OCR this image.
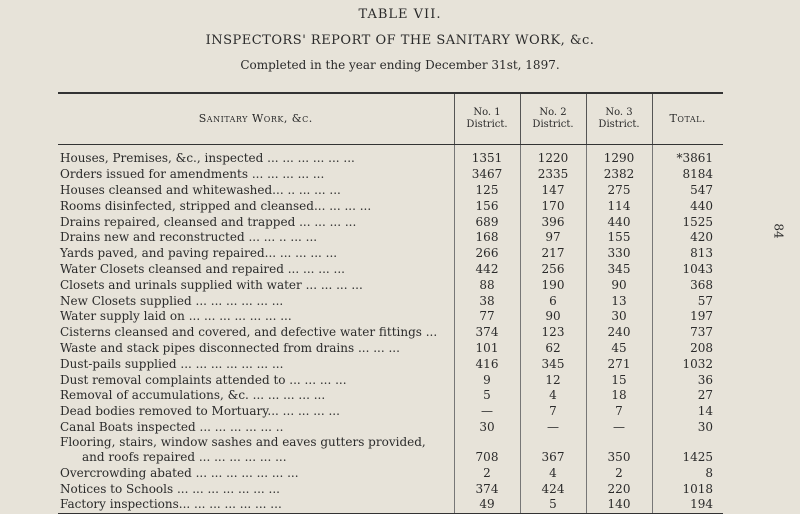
TABLE VII.
INSPECTORS' REPORT OF THE SANITARY WORK, &c.
Completed in the year ending December 31st, 1897.
84
Sanitary Work, &c.	No. 1 District.	No. 2 District.	No. 3 District.	Total.

Houses, Premises, &c., inspected ... ... ... ... ... ...	1351	1220	1290	*3861

Orders issued for amendments ... ... ... ... ...	3467	2335	2382	8184

Houses cleansed and whitewashed... .. ... ... ...	125	147	275	547

Rooms disinfected, stripped and cleansed... ... ... ...	156	170	114	440

Drains repaired, cleansed and trapped ... ... ... ...	689	396	440	1525

Drains new and reconstructed ... ... .. ... ...	168	97	155	420

Yards paved, and paving repaired... ... ... ... ...	266	217	330	813

Water Closets cleansed and repaired ... ... ... ...	442	256	345	1043

Closets and urinals supplied with water ... ... ... ...	88	190	90	368

New Closets supplied ... ... ... ... ... ...	38	6	13	57

Water supply laid on ... ... ... ... ... ... ...	77	90	30	197

Cisterns cleansed and covered, and defective water fittings ...	374	123	240	737

Waste and stack pipes disconnected from drains ... ... ...	101	62	45	208

Dust-pails supplied ... ... ... ... ... ... ...	416	345	271	1032

Dust removal complaints attended to ... ... ... ...	9	12	15	36

Removal of accumulations, &c. ... ... ... ... ...	5	4	18	27

Dead bodies removed to Mortuary... ... ... ... ...	—	7	7	14

Canal Boats inspected ... ... ... ... ... ..	30	—	—	30

Flooring, stairs, window sashes and eaves gutters provided,
and roofs repaired ... ... ... ... ... ...	708	367	350	1425

Overcrowding abated ... ... ... ... ... ... ...	2	4	2	8

Notices to Schools ... ... ... ... ... ... ...	374	424	220	1018

Factory inspections... ... ... ... ... ... ...	49	5	140	194
